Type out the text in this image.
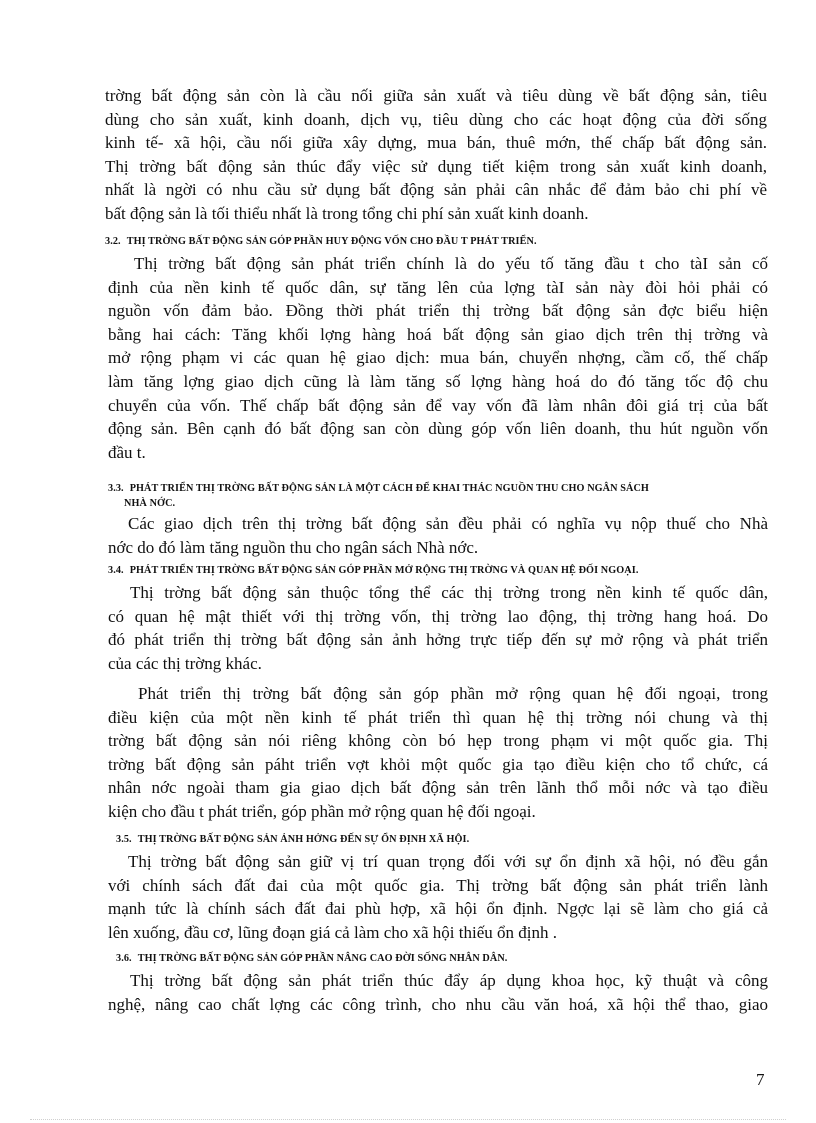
trờng bất động sản còn là cầu nối giữa sản xuất và tiêu dùng về bất động sản, tiêu
dùng cho sản xuất, kinh doanh, dịch vụ, tiêu dùng cho các hoạt động của đời sống
kinh tế- xã hội, cầu nối giữa xây dựng, mua bán, thuê mớn, thế chấp bất động sản.
Thị trờng bất động sản thúc đẩy việc sử dụng tiết kiệm trong sản xuất kinh doanh,
nhất là ngời có nhu cầu sử dụng bất động sản phải cân nhắc để đảm bảo chi phí về
bất động sản là tối thiểu nhất là trong tổng chi phí sản xuất kinh doanh.
3.2. THỊ TRỜNG BẤT ĐỘNG SẢN GÓP PHẦN HUY ĐỘNG VỐN CHO ĐẦU T PHÁT TRIỂN.
Thị trờng bất động sản phát triển chính là do yếu tố tăng đầu t cho tàI sản cố
định của nền kinh tế quốc dân, sự tăng lên của lợng tàI sản này đòi hỏi phải có
nguồn vốn đảm bảo. Đồng thời phát triển thị trờng bất động sản đợc biểu hiện
bằng hai cách: Tăng khối lợng hàng hoá bất động sản giao dịch trên thị trờng và
mở rộng phạm vi các quan hệ giao dịch: mua bán, chuyển nhợng, cầm cố, thế chấp
làm tăng lợng giao dịch cũng là làm tăng số lợng hàng hoá do đó tăng tốc độ chu
chuyển của vốn. Thế chấp bất động sản để vay vốn đã làm nhân đôi giá trị của bất
động sản. Bên cạnh đó bất động san còn dùng góp vốn liên doanh, thu hút nguồn vốn
đầu t.
3.3. PHÁT TRIỂN THỊ TRỜNG BẤT ĐỘNG SẢN LÀ MỘT CÁCH ĐỂ KHAI THÁC NGUỒN THU CHO NGÂN SÁCH
NHÀ NỚC.
Các giao dịch trên thị trờng bất động sản đều phải có nghĩa vụ nộp thuế cho Nhà
nớc do đó làm tăng nguồn thu cho ngân sách Nhà nớc.
3.4. PHÁT TRIỂN THỊ TRỜNG BẤT ĐỘNG SẢN GÓP PHẦN MỞ RỘNG THỊ TRỜNG VÀ QUAN HỆ ĐỐI NGOẠI.
Thị trờng bất động sản thuộc tổng thể các thị trờng trong nền kinh tế quốc dân,
có quan hệ mật thiết với thị trờng vốn, thị trờng lao động, thị trờng hang hoá. Do
đó phát triển thị trờng bất động sản ảnh hởng trực tiếp đến sự mở rộng và phát triển
của các thị trờng khác.
Phát triển thị trờng bất động sản góp phần mở rộng quan hệ đối ngoại, trong
điều kiện của một nền kinh tế phát triển thì quan hệ thị trờng nói chung và thị
trờng bất động sản nói riêng không còn bó hẹp trong phạm vi một quốc gia. Thị
trờng bất động sản páht triển vợt khỏi một quốc gia tạo điều kiện cho tổ chức, cá
nhân nớc ngoài tham gia giao dịch bất động sản trên lãnh thổ mỗi nớc và tạo điều
kiện cho đầu t phát triển, góp phần mở rộng quan hệ đối ngoại.
3.5. THỊ TRỜNG BẤT ĐỘNG SẢN ẢNH HỞNG ĐẾN SỰ ỔN ĐỊNH XÃ HỘI.
Thị trờng bất động sản giữ vị trí quan trọng đối với sự ổn định xã hội, nó đều gắn
với chính sách đất đai của một quốc gia. Thị trờng bất động sản phát triển lành
mạnh tức là chính sách đất đai phù hợp, xã hội ổn định. Ngợc lại sẽ làm cho giá cả
lên xuống, đầu cơ, lũng đoạn giá cả làm cho xã hội thiếu ổn định .
3.6. THỊ TRỜNG BẤT ĐỘNG SẢN GÓP PHẦN NÂNG CAO ĐỜI SỐNG NHÂN DÂN.
Thị trờng bất động sản phát triển thúc đẩy áp dụng khoa học, kỹ thuật và công
nghệ, nâng cao chất lợng các công trình, cho nhu cầu văn hoá, xã hội thể thao, giao
7
